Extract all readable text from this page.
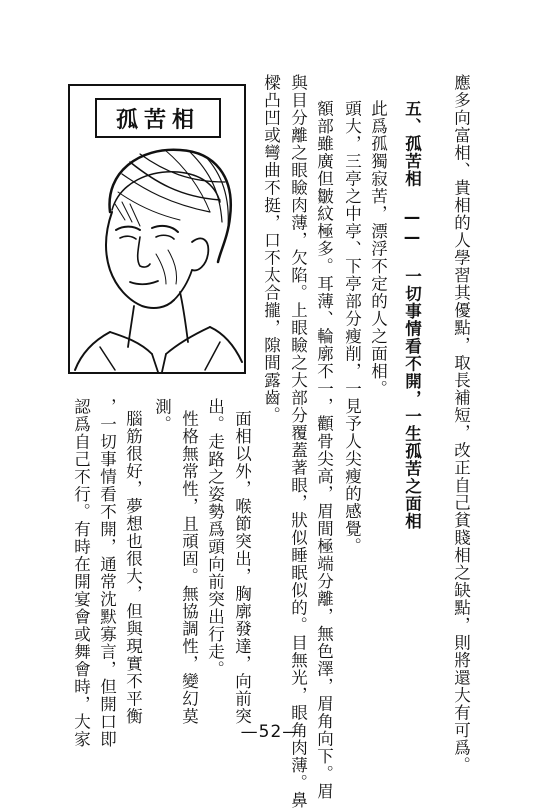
應多向富相、貴相的人學習其優點，取長補短，改正自己貧賤相之缺點，則將還大有可爲。
五、孤苦相 —— 一切事情看不開，一生孤苦之面相
此爲孤獨寂苦，漂浮不定的人之面相。
頭大，三亭之中亭、下亭部分瘦削，一見予人尖瘦的感覺。
額部雖廣但皺紋極多。耳薄、輪廓不一，顴骨尖高，眉間極端分離，無色澤，眉角向下。眉
與目分離之眼瞼肉薄，欠陷。上眼瞼之大部分覆蓋著眼，狀似睡眠似的。目無光，眼角肉薄。鼻
樑凸凹或彎曲不挺，口不太合攏，隙間露齒。
面相以外，喉節突出，胸廓發達，向前突
出。走路之姿勢爲頭向前突出行走。
性格無常性，且頑固。無協調性，變幻莫
測。
腦筋很好，夢想也很大，但與現實不平衡
，一切事情看不開，通常沈默寡言，但開口即
認爲自己不行。有時在開宴會或舞會時，大家
孤苦相
—52—
